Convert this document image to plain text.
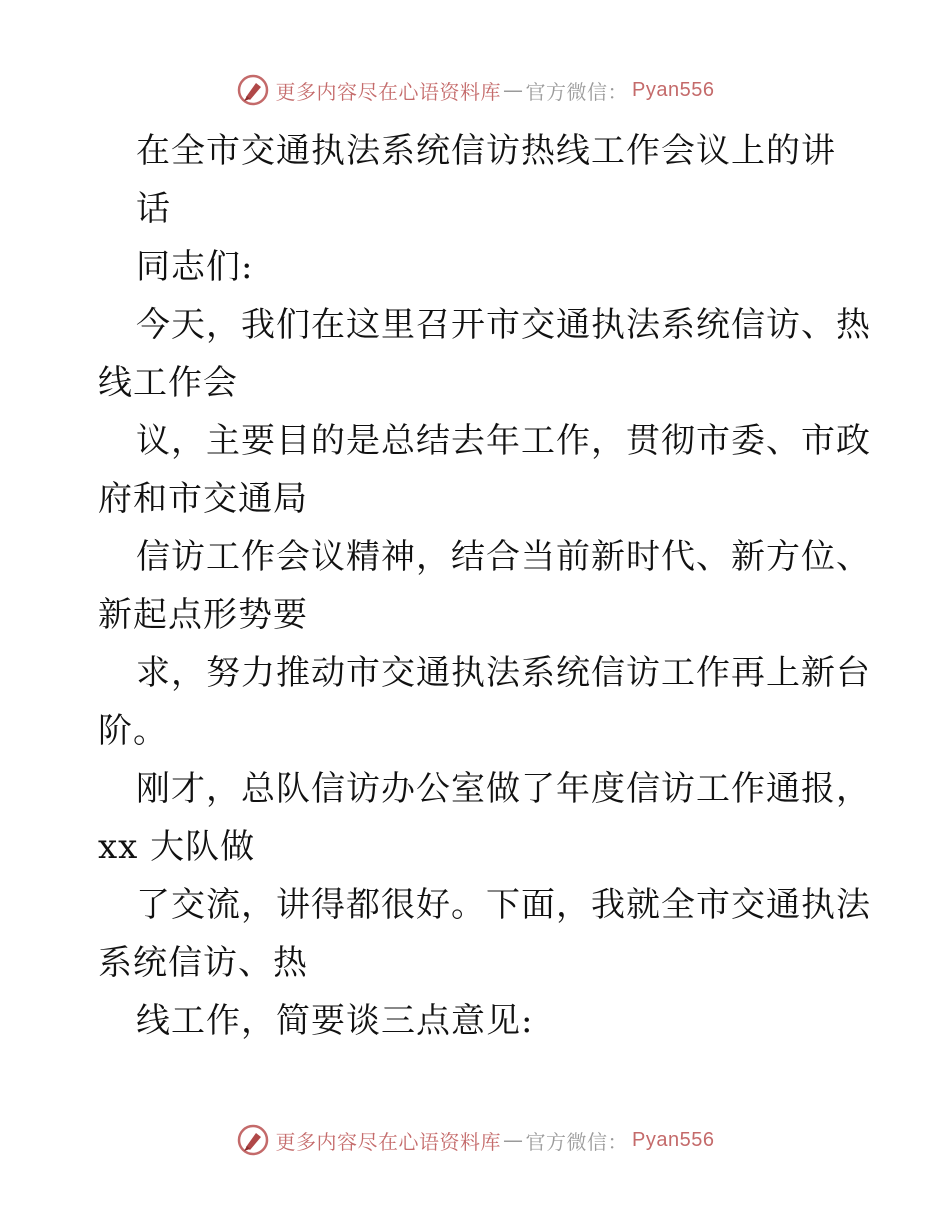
更多内容尽在心语资料库 — 官方微信： Pyan556
在全市交通执法系统信访热线工作会议上的讲
话
同志们:
今天，我们在这里召开市交通执法系统信访、热
线工作会
议，主要目的是总结去年工作，贯彻市委、市政
府和市交通局
信访工作会议精神，结合当前新时代、新方位、
新起点形势要
求，努力推动市交通执法系统信访工作再上新台
阶。
刚才，总队信访办公室做了年度信访工作通报，
xx 大队做
了交流，讲得都很好。下面，我就全市交通执法
系统信访、热
线工作，简要谈三点意见:
更多内容尽在心语资料库 — 官方微信： Pyan556
